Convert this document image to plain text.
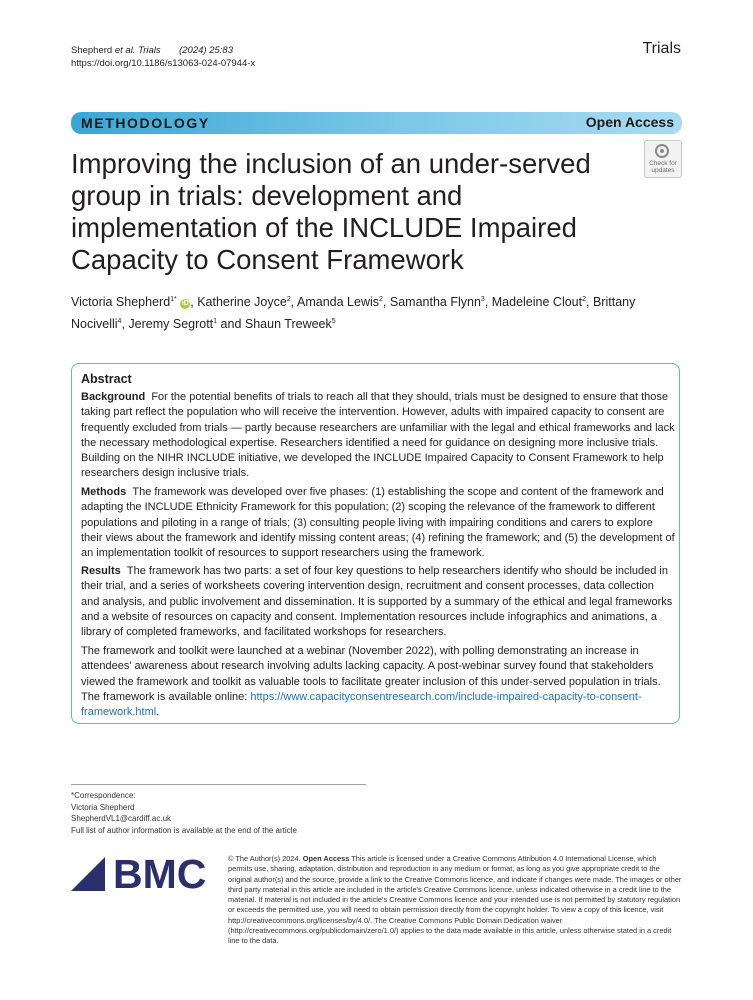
Shepherd et al. Trials (2024) 25:83
https://doi.org/10.1186/s13063-024-07944-x
Trials
METHODOLOGY	Open Access
Improving the inclusion of an under-served group in trials: development and implementation of the INCLUDE Impaired Capacity to Consent Framework
Check for
updates
Victoria Shepherd$^{1*}$ iD , Katherine Joyce$^2$, Amanda Lewis$^2$, Samantha Flynn$^3$, Madeleine Clout$^2$, Brittany Nocivelli$^4$, Jeremy Segrott$^1$ and Shaun Treweek$^5$
Abstract

Background For the potential benefits of trials to reach all that they should, trials must be designed to ensure that those taking part reflect the population who will receive the intervention. However, adults with impaired capacity to consent are frequently excluded from trials — partly because researchers are unfamiliar with the legal and ethical frameworks and lack the necessary methodological expertise. Researchers identified a need for guidance on designing more inclusive trials. Building on the NIHR INCLUDE initiative, we developed the INCLUDE Impaired Capacity to Consent Framework to help researchers design inclusive trials.

Methods The framework was developed over five phases: (1) establishing the scope and content of the framework and adapting the INCLUDE Ethnicity Framework for this population; (2) scoping the relevance of the framework to different populations and piloting in a range of trials; (3) consulting people living with impairing conditions and carers to explore their views about the framework and identify missing content areas; (4) refining the framework; and (5) the development of an implementation toolkit of resources to support researchers using the framework.

Results The framework has two parts: a set of four key questions to help researchers identify who should be included in their trial, and a series of worksheets covering intervention design, recruitment and consent processes, data collection and analysis, and public involvement and dissemination. It is supported by a summary of the ethical and legal frameworks and a website of resources on capacity and consent. Implementation resources include infographics and animations, a library of completed frameworks, and facilitated workshops for researchers.

The framework and toolkit were launched at a webinar (November 2022), with polling demonstrating an increase in attendees' awareness about research involving adults lacking capacity. A post-webinar survey found that stakeholders viewed the framework and toolkit as valuable tools to facilitate greater inclusion of this under-served population in trials. The framework is available online: https://www.capacityconsentresearch.com/include-impaired-capacity-to-consent-framework.html.

*Correspondence:
Victoria Shepherd
ShepherdVL1@cardiff.ac.uk
Full list of author information is available at the end of the article
BMC	© The Author(s) 2024. Open Access This article is licensed under a Creative Commons Attribution 4.0 International License, which permits use, sharing, adaptation, distribution and reproduction in any medium or format, as long as you give appropriate credit to the original author(s) and the source, provide a link to the Creative Commons licence, and indicate if changes were made. The images or other third party material in this article are included in the article's Creative Commons licence, unless indicated otherwise in a credit line to the material. If material is not included in the article's Creative Commons licence and your intended use is not permitted by statutory regulation or exceeds the permitted use, you will need to obtain permission directly from the copyright holder. To view a copy of this licence, visit http://creativecommons.org/licenses/by/4.0/. The Creative Commons Public Domain Dedication waiver (http://creativecommons.org/publicdomain/zero/1.0/) applies to the data made available in this article, unless otherwise stated in a credit line to the data.
